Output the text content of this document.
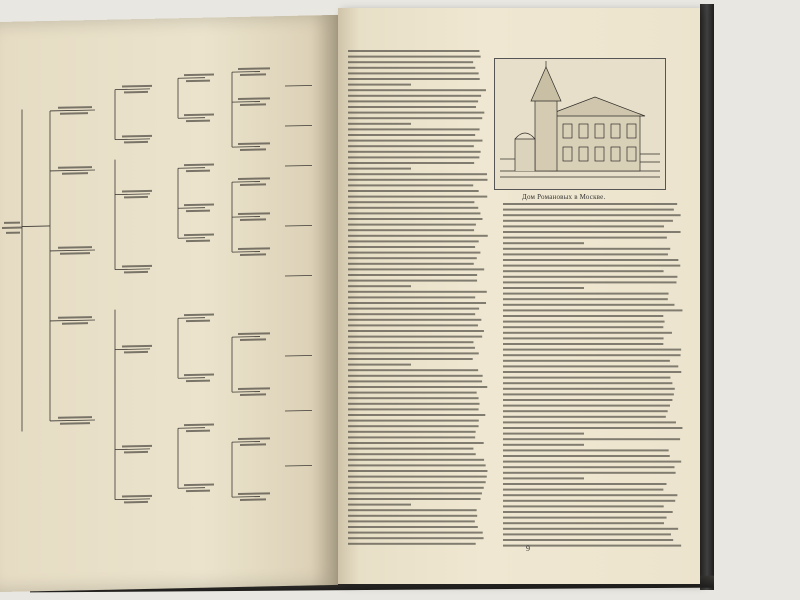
Дом Романовых в Москве.
9
